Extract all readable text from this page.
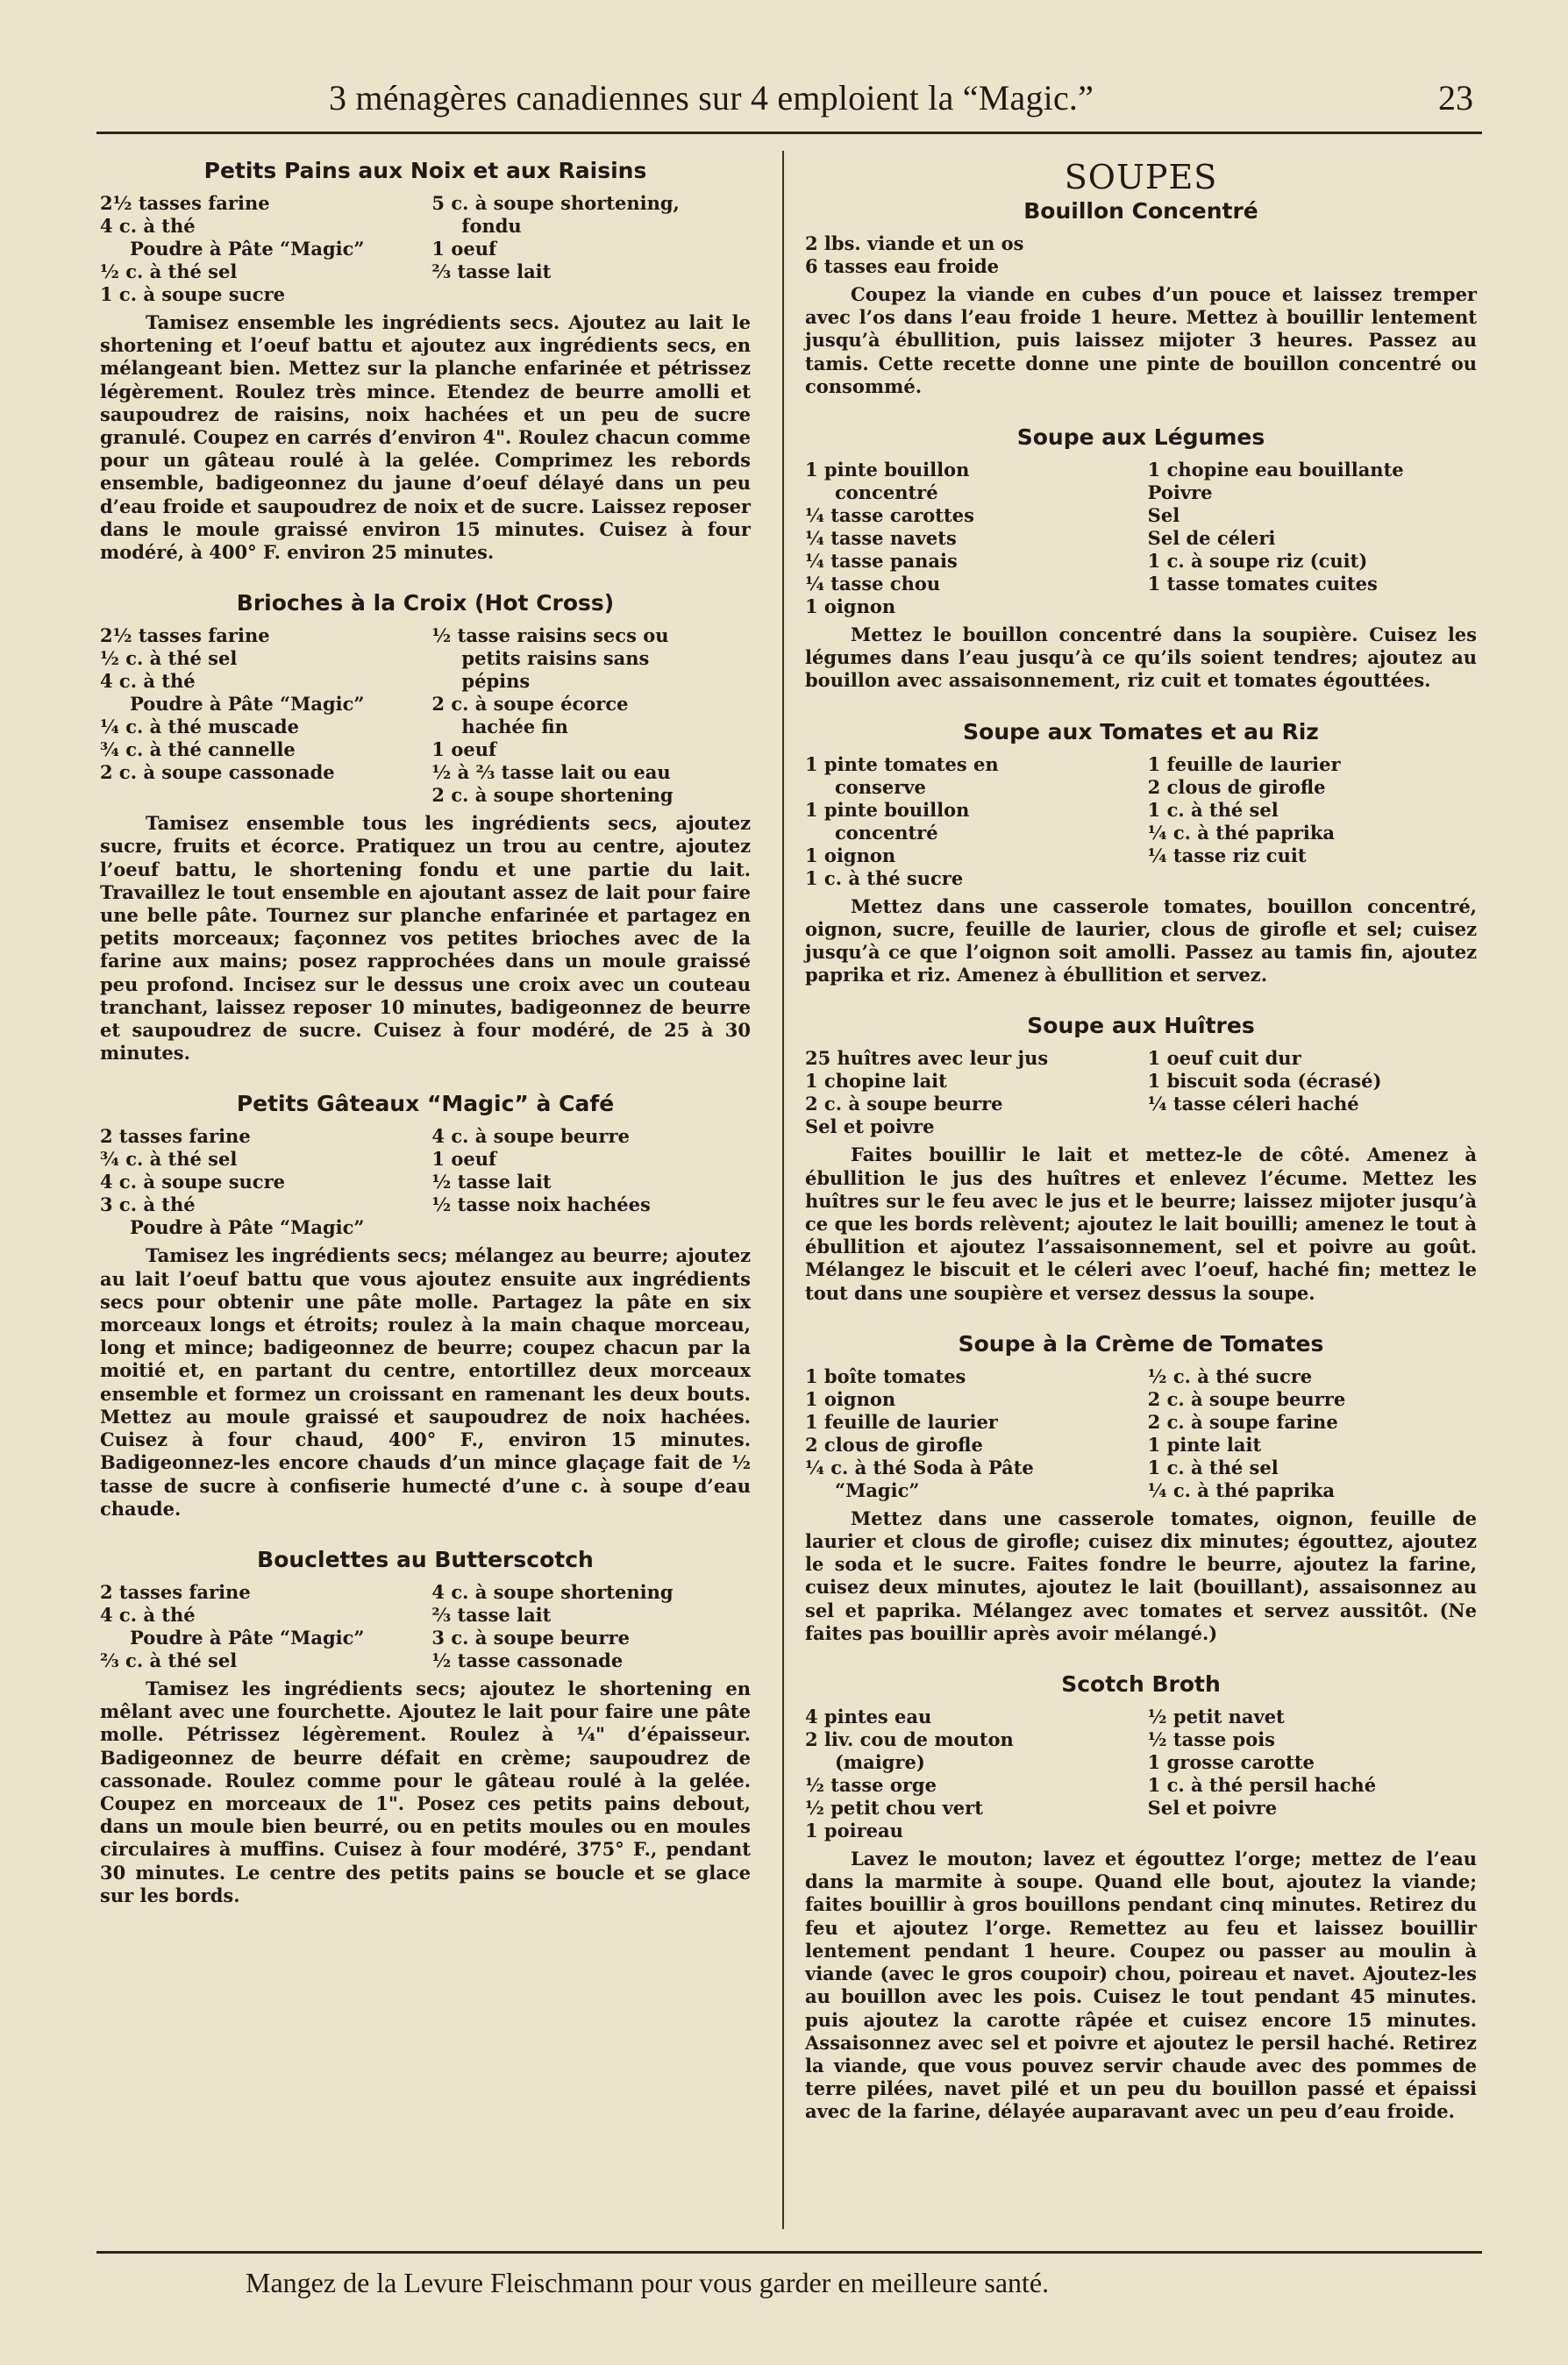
3 ménagères canadiennes sur 4 emploient la “Magic.”	23
Petits Pains aux Noix et aux Raisins
2½ tasses farine
4 c. à thé
Poudre à Pâte “Magic”
½ c. à thé sel
1 c. à soupe sucre
5 c. à soupe shortening,
fondu
1 oeuf
⅔ tasse lait

Tamisez ensemble les ingrédients secs. Ajoutez au lait le shortening et l’oeuf battu et ajoutez aux ingrédients secs, en mélangeant bien. Mettez sur la planche enfarinée et pétrissez légèrement. Roulez très mince. Etendez de beurre amolli et saupoudrez de raisins, noix hachées et un peu de sucre granulé. Coupez en carrés d’environ 4". Roulez chacun comme pour un gâteau roulé à la gelée. Comprimez les rebords ensemble, badigeonnez du jaune d’oeuf délayé dans un peu d’eau froide et saupoudrez de noix et de sucre. Laissez reposer dans le moule graissé environ 15 minutes. Cuisez à four modéré, à 400° F. environ 25 minutes.

Brioches à la Croix (Hot Cross)
2½ tasses farine
½ c. à thé sel
4 c. à thé
Poudre à Pâte “Magic”
¼ c. à thé muscade
¾ c. à thé cannelle
2 c. à soupe cassonade
½ tasse raisins secs ou
petits raisins sans
pépins
2 c. à soupe écorce
hachée fin
1 oeuf
½ à ⅔ tasse lait ou eau
2 c. à soupe shortening

Tamisez ensemble tous les ingrédients secs, ajoutez sucre, fruits et écorce. Pratiquez un trou au centre, ajoutez l’oeuf battu, le shortening fondu et une partie du lait. Travaillez le tout ensemble en ajoutant assez de lait pour faire une belle pâte. Tournez sur planche enfarinée et partagez en petits morceaux; façonnez vos petites brioches avec de la farine aux mains; posez rapprochées dans un moule graissé peu profond. Incisez sur le dessus une croix avec un couteau tranchant, laissez reposer 10 minutes, badigeonnez de beurre et saupoudrez de sucre. Cuisez à four modéré, de 25 à 30 minutes.

Petits Gâteaux “Magic” à Café
2 tasses farine
¾ c. à thé sel
4 c. à soupe sucre
3 c. à thé
Poudre à Pâte “Magic”
4 c. à soupe beurre
1 oeuf
½ tasse lait
½ tasse noix hachées

Tamisez les ingrédients secs; mélangez au beurre; ajoutez au lait l’oeuf battu que vous ajoutez ensuite aux ingrédients secs pour obtenir une pâte molle. Partagez la pâte en six morceaux longs et étroits; roulez à la main chaque morceau, long et mince; badigeonnez de beurre; coupez chacun par la moitié et, en partant du centre, entortillez deux morceaux ensemble et formez un croissant en ramenant les deux bouts. Mettez au moule graissé et saupoudrez de noix hachées. Cuisez à four chaud, 400° F., environ 15 minutes. Badigeonnez-les encore chauds d’un mince glaçage fait de ½ tasse de sucre à confiserie humecté d’une c. à soupe d’eau chaude.

Bouclettes au Butterscotch
2 tasses farine
4 c. à thé
Poudre à Pâte “Magic”
⅔ c. à thé sel
4 c. à soupe shortening
⅔ tasse lait
3 c. à soupe beurre
½ tasse cassonade

Tamisez les ingrédients secs; ajoutez le shortening en mêlant avec une fourchette. Ajoutez le lait pour faire une pâte molle. Pétrissez légèrement. Roulez à ¼" d’épaisseur. Badigeonnez de beurre défait en crème; saupoudrez de cassonade. Roulez comme pour le gâteau roulé à la gelée. Coupez en morceaux de 1". Posez ces petits pains debout, dans un moule bien beurré, ou en petits moules ou en moules circulaires à muffins. Cuisez à four modéré, 375° F., pendant 30 minutes. Le centre des petits pains se boucle et se glace sur les bords.

SOUPES
Bouillon Concentré
2 lbs. viande et un os
6 tasses eau froide

Coupez la viande en cubes d’un pouce et laissez tremper avec l’os dans l’eau froide 1 heure. Mettez à bouillir lentement jusqu’à ébullition, puis laissez mijoter 3 heures. Passez au tamis. Cette recette donne une pinte de bouillon concentré ou consommé.

Soupe aux Légumes
1 pinte bouillon
concentré
¼ tasse carottes
¼ tasse navets
¼ tasse panais
¼ tasse chou
1 oignon
1 chopine eau bouillante
Poivre
Sel
Sel de céleri
1 c. à soupe riz (cuit)
1 tasse tomates cuites

Mettez le bouillon concentré dans la soupière. Cuisez les légumes dans l’eau jusqu’à ce qu’ils soient tendres; ajoutez au bouillon avec assaisonnement, riz cuit et tomates égouttées.

Soupe aux Tomates et au Riz
1 pinte tomates en
conserve
1 pinte bouillon
concentré
1 oignon
1 c. à thé sucre
1 feuille de laurier
2 clous de girofle
1 c. à thé sel
¼ c. à thé paprika
¼ tasse riz cuit

Mettez dans une casserole tomates, bouillon concentré, oignon, sucre, feuille de laurier, clous de girofle et sel; cuisez jusqu’à ce que l’oignon soit amolli. Passez au tamis fin, ajoutez paprika et riz. Amenez à ébullition et servez.

Soupe aux Huîtres
25 huîtres avec leur jus
1 chopine lait
2 c. à soupe beurre
Sel et poivre
1 oeuf cuit dur
1 biscuit soda (écrasé)
¼ tasse céleri haché

Faites bouillir le lait et mettez-le de côté. Amenez à ébullition le jus des huîtres et enlevez l’écume. Mettez les huîtres sur le feu avec le jus et le beurre; laissez mijoter jusqu’à ce que les bords relèvent; ajoutez le lait bouilli; amenez le tout à ébullition et ajoutez l’assaisonnement, sel et poivre au goût. Mélangez le biscuit et le céleri avec l’oeuf, haché fin; mettez le tout dans une soupière et versez dessus la soupe.

Soupe à la Crème de Tomates
1 boîte tomates
1 oignon
1 feuille de laurier
2 clous de girofle
¼ c. à thé Soda à Pâte
“Magic”
½ c. à thé sucre
2 c. à soupe beurre
2 c. à soupe farine
1 pinte lait
1 c. à thé sel
¼ c. à thé paprika

Mettez dans une casserole tomates, oignon, feuille de laurier et clous de girofle; cuisez dix minutes; égouttez, ajoutez le soda et le sucre. Faites fondre le beurre, ajoutez la farine, cuisez deux minutes, ajoutez le lait (bouillant), assaisonnez au sel et paprika. Mélangez avec tomates et servez aussitôt. (Ne faites pas bouillir après avoir mélangé.)

Scotch Broth
4 pintes eau
2 liv. cou de mouton
(maigre)
½ tasse orge
½ petit chou vert
1 poireau
½ petit navet
½ tasse pois
1 grosse carotte
1 c. à thé persil haché
Sel et poivre

Lavez le mouton; lavez et égouttez l’orge; mettez de l’eau dans la marmite à soupe. Quand elle bout, ajoutez la viande; faites bouillir à gros bouillons pendant cinq minutes. Retirez du feu et ajoutez l’orge. Remettez au feu et laissez bouillir lentement pendant 1 heure. Coupez ou passer au moulin à viande (avec le gros coupoir) chou, poireau et navet. Ajoutez-les au bouillon avec les pois. Cuisez le tout pendant 45 minutes. puis ajoutez la carotte râpée et cuisez encore 15 minutes. Assaisonnez avec sel et poivre et ajoutez le persil haché. Retirez la viande, que vous pouvez servir chaude avec des pommes de terre pilées, navet pilé et un peu du bouillon passé et épaissi avec de la farine, délayée auparavant avec un peu d’eau froide.

Mangez de la Levure Fleischmann pour vous garder en meilleure santé.
